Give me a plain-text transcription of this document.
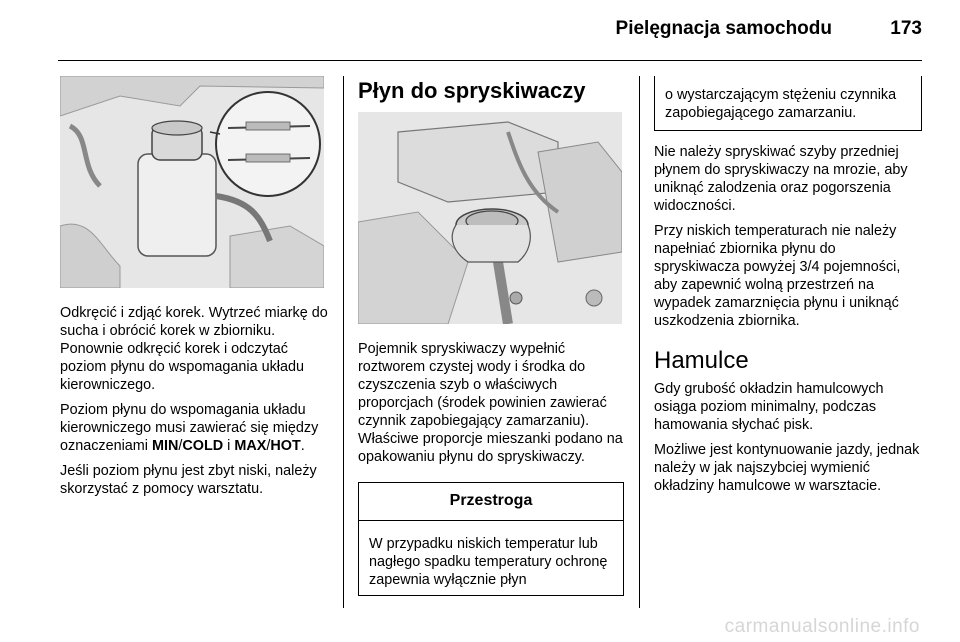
Pielęgnacja samochodu	173

Odkręcić i zdjąć korek. Wytrzeć miarkę do sucha i obrócić korek w zbiorniku. Ponownie odkręcić korek i odczytać poziom płynu do wspomagania układu kierowniczego.

Poziom płynu do wspomagania układu kierowniczego musi zawierać się między oznaczeniami MIN/COLD i MAX/HOT.

Jeśli poziom płynu jest zbyt niski, należy skorzystać z pomocy warsztatu.

Płyn do spryskiwaczy

Pojemnik spryskiwaczy wypełnić roztworem czystej wody i środka do czyszczenia szyb o właściwych proporcjach (środek powinien zawierać czynnik zapobiegający zamarzaniu). Właściwe proporcje mieszanki podano na opakowaniu płynu do spryskiwaczy.

Przestroga
W przypadku niskich temperatur lub nagłego spadku temperatury ochronę zapewnia wyłącznie płyn
o wystarczającym stężeniu czynnika zapobiegającego zamarzaniu.

Nie należy spryskiwać szyby przedniej płynem do spryskiwaczy na mrozie, aby uniknąć zalodzenia oraz pogorszenia widoczności.

Przy niskich temperaturach nie należy napełniać zbiornika płynu do spryskiwacza powyżej 3/4 pojemności, aby zapewnić wolną przestrzeń na wypadek zamarznięcia płynu i uniknąć uszkodzenia zbiornika.

Hamulce

Gdy grubość okładzin hamulcowych osiąga poziom minimalny, podczas hamowania słychać pisk.

Możliwe jest kontynuowanie jazdy, jednak należy w jak najszybciej wymienić okładziny hamulcowe w warsztacie.

carmanualsonline.info
